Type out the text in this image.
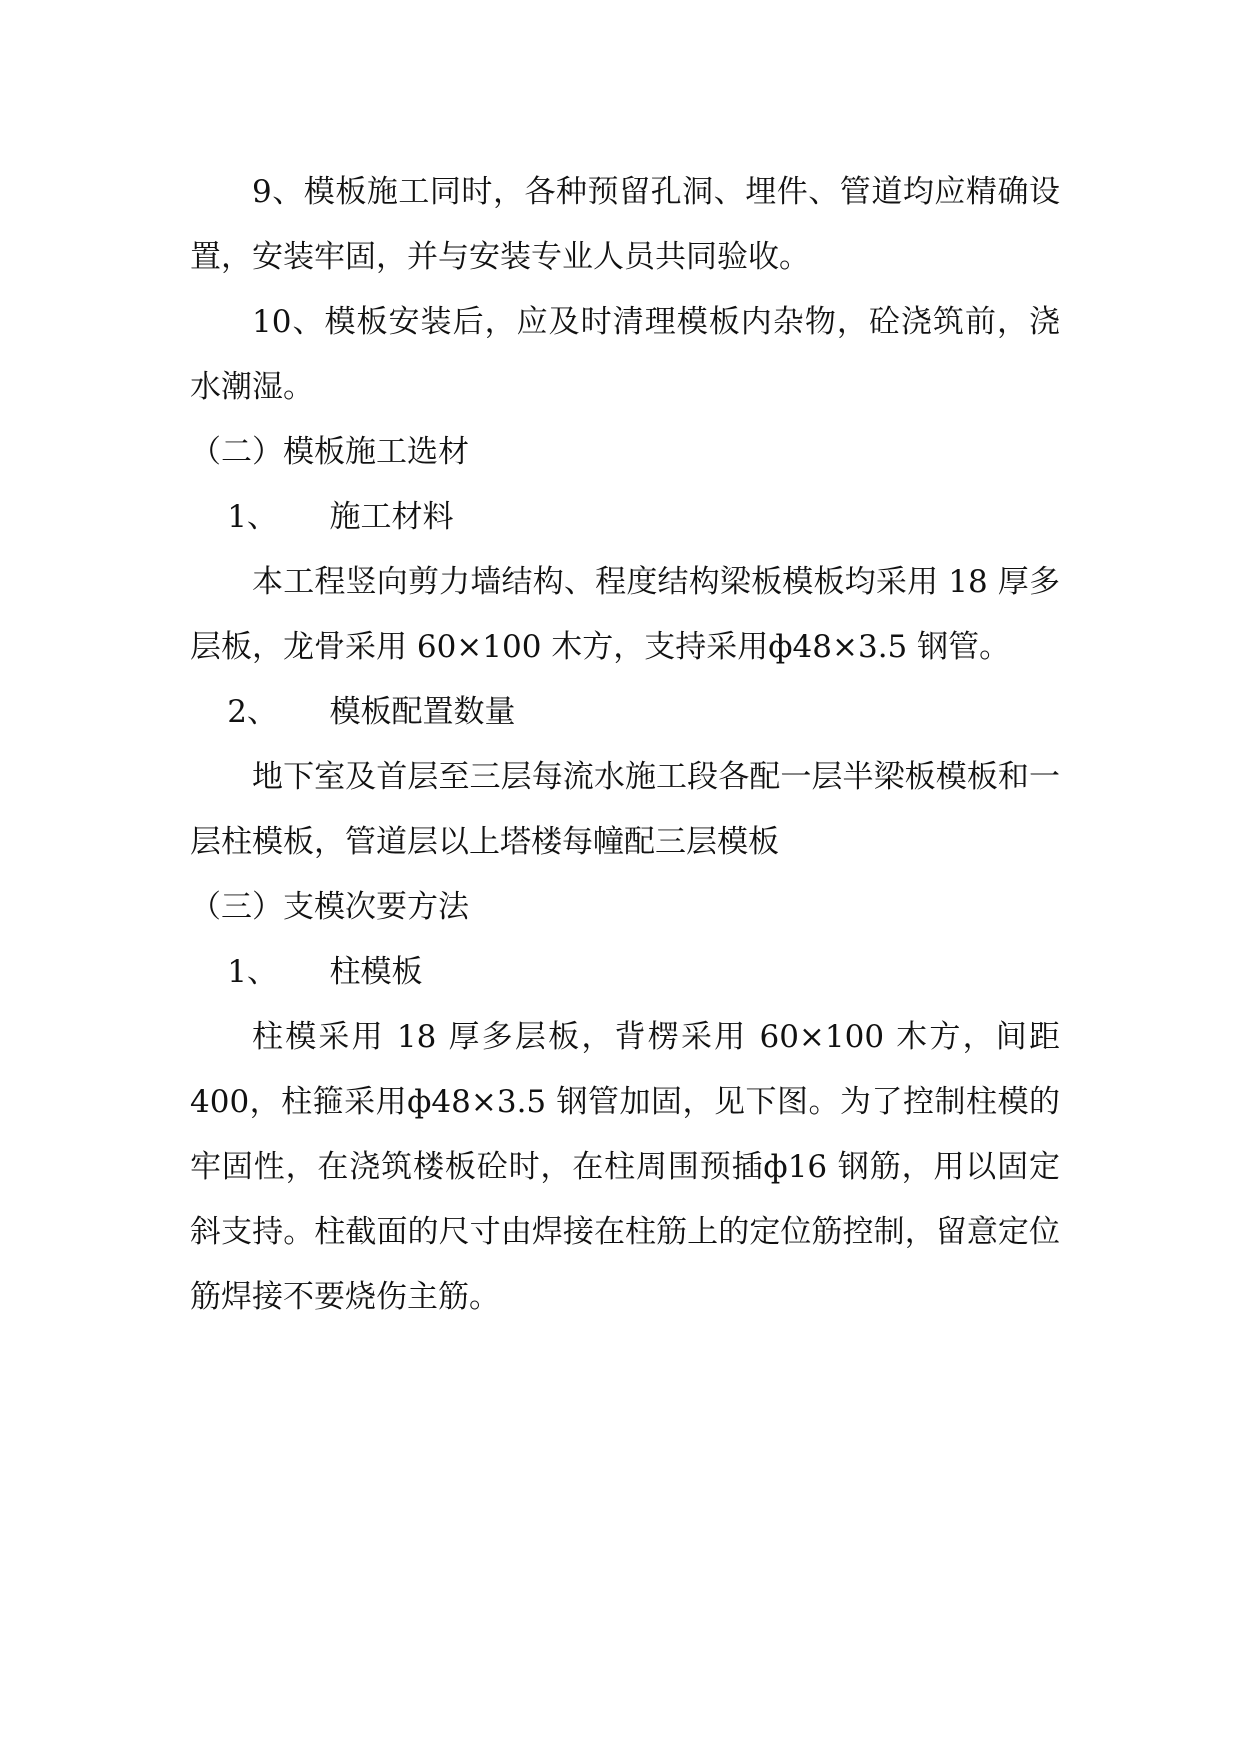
9、模板施工同时，各种预留孔洞、埋件、管道均应精确设置，安装牢固，并与安装专业人员共同验收。

10、模板安装后，应及时清理模板内杂物，砼浇筑前，浇水潮湿。

（二）模板施工选材

1、 施工材料

本工程竖向剪力墙结构、程度结构梁板模板均采用 18 厚多层板，龙骨采用 60×100 木方，支持采用ф48×3.5 钢管。

2、 模板配置数量

地下室及首层至三层每流水施工段各配一层半梁板模板和一层柱模板，管道层以上塔楼每幢配三层模板

（三）支模次要方法

1、 柱模板

柱模采用 18 厚多层板，背楞采用 60×100 木方，间距 400，柱箍采用ф48×3.5 钢管加固，见下图。为了控制柱模的牢固性，在浇筑楼板砼时，在柱周围预插ф16 钢筋，用以固定斜支持。柱截面的尺寸由焊接在柱筋上的定位筋控制，留意定位筋焊接不要烧伤主筋。
